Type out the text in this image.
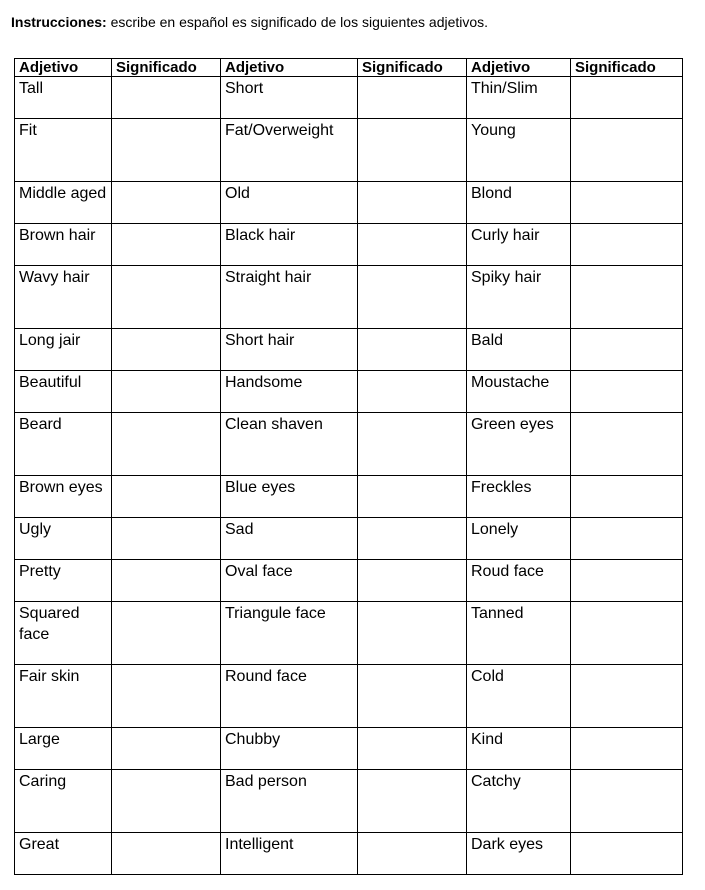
Instrucciones: escribe en español es significado de los siguientes adjetivos.
Adjetivo	Significado	Adjetivo	Significado	Adjetivo	Significado
Tall		Short		Thin/Slim	
Fit		Fat/Overweight		Young	
Middle aged		Old		Blond	
Brown hair		Black hair		Curly hair	
Wavy hair		Straight hair		Spiky hair	
Long jair		Short hair		Bald	
Beautiful		Handsome		Moustache	
Beard		Clean shaven		Green eyes	
Brown eyes		Blue eyes		Freckles	
Ugly		Sad		Lonely	
Pretty		Oval face		Roud face	
Squared face		Triangule face		Tanned	
Fair skin		Round face		Cold	
Large		Chubby		Kind	
Caring		Bad person		Catchy	
Great		Intelligent		Dark eyes	
